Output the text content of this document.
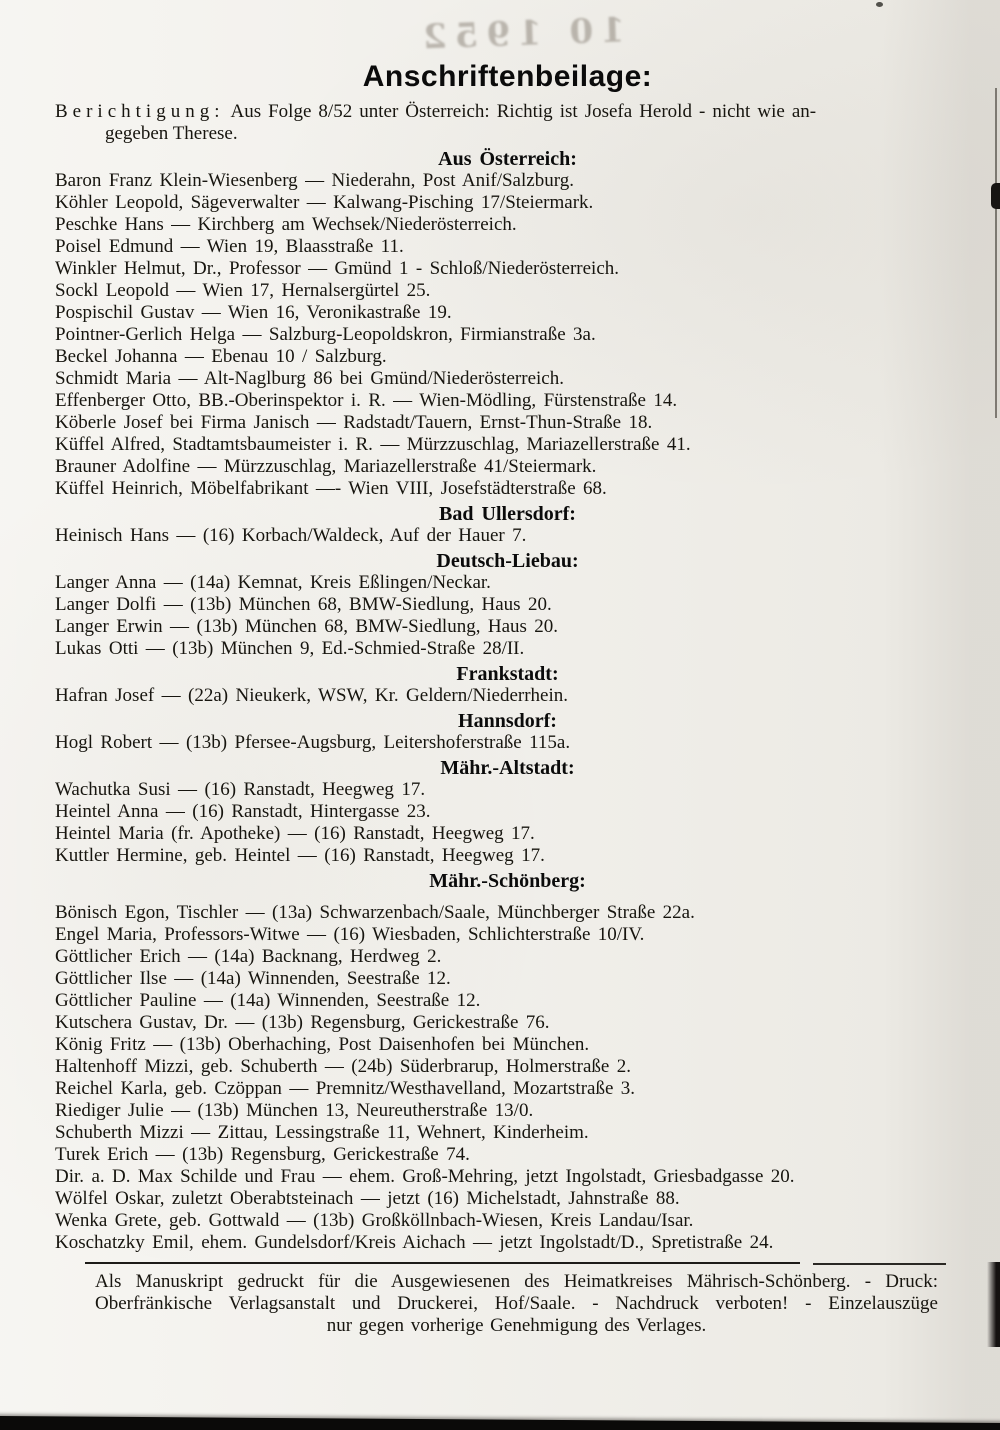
10 1952
Anschriftenbeilage:

Berichtigung: Aus Folge 8/52 unter Österreich: Richtig ist Josefa Herold - nicht wie an-

gegeben Therese.

Aus Österreich:
Baron Franz Klein-Wiesenberg — Niederahn, Post Anif/Salzburg.
Köhler Leopold, Sägeverwalter — Kalwang-Pisching 17/Steiermark.
Peschke Hans — Kirchberg am Wechsek/Niederösterreich.
Poisel Edmund — Wien 19, Blaasstraße 11.
Winkler Helmut, Dr., Professor — Gmünd 1 - Schloß/Niederösterreich.
Sockl Leopold — Wien 17, Hernalsergürtel 25.
Pospischil Gustav — Wien 16, Veronikastraße 19.
Pointner-Gerlich Helga — Salzburg-Leopoldskron, Firmianstraße 3a.
Beckel Johanna — Ebenau 10 / Salzburg.
Schmidt Maria — Alt-Naglburg 86 bei Gmünd/Niederösterreich.
Effenberger Otto, BB.-Oberinspektor i. R. — Wien-Mödling, Fürstenstraße 14.
Köberle Josef bei Firma Janisch — Radstadt/Tauern, Ernst-Thun-Straße 18.
Küffel Alfred, Stadtamtsbaumeister i. R. — Mürzzuschlag, Mariazellerstraße 41.
Brauner Adolfine — Mürzzuschlag, Mariazellerstraße 41/Steiermark.
Küffel Heinrich, Möbelfabrikant —- Wien VIII, Josefstädterstraße 68.
Bad Ullersdorf:
Heinisch Hans — (16) Korbach/Waldeck, Auf der Hauer 7.
Deutsch-Liebau:
Langer Anna — (14a) Kemnat, Kreis Eßlingen/Neckar.
Langer Dolfi — (13b) München 68, BMW-Siedlung, Haus 20.
Langer Erwin — (13b) München 68, BMW-Siedlung, Haus 20.
Lukas Otti — (13b) München 9, Ed.-Schmied-Straße 28/II.
Frankstadt:
Hafran Josef — (22a) Nieukerk, WSW, Kr. Geldern/Niederrhein.
Hannsdorf:
Hogl Robert — (13b) Pfersee-Augsburg, Leitershoferstraße 115a.
Mähr.-Altstadt:
Wachutka Susi — (16) Ranstadt, Heegweg 17.
Heintel Anna — (16) Ranstadt, Hintergasse 23.
Heintel Maria (fr. Apotheke) — (16) Ranstadt, Heegweg 17.
Kuttler Hermine, geb. Heintel — (16) Ranstadt, Heegweg 17.
Mähr.-Schönberg:
Bönisch Egon, Tischler — (13a) Schwarzenbach/Saale, Münchberger Straße 22a.
Engel Maria, Professors-Witwe — (16) Wiesbaden, Schlichterstraße 10/IV.
Göttlicher Erich — (14a) Backnang, Herdweg 2.
Göttlicher Ilse — (14a) Winnenden, Seestraße 12.
Göttlicher Pauline — (14a) Winnenden, Seestraße 12.
Kutschera Gustav, Dr. — (13b) Regensburg, Gerickestraße 76.
König Fritz — (13b) Oberhaching, Post Daisenhofen bei München.
Haltenhoff Mizzi, geb. Schuberth — (24b) Süderbrarup, Holmerstraße 2.
Reichel Karla, geb. Czöppan — Premnitz/Westhavelland, Mozartstraße 3.
Riediger Julie — (13b) München 13, Neureutherstraße 13/0.
Schuberth Mizzi — Zittau, Lessingstraße 11, Wehnert, Kinderheim.
Turek Erich — (13b) Regensburg, Gerickestraße 74.
Dir. a. D. Max Schilde und Frau — ehem. Groß-Mehring, jetzt Ingolstadt, Griesbadgasse 20.
Wölfel Oskar, zuletzt Oberabtsteinach — jetzt (16) Michelstadt, Jahnstraße 88.
Wenka Grete, geb. Gottwald — (13b) Großköllnbach-Wiesen, Kreis Landau/Isar.
Koschatzky Emil, ehem. Gundelsdorf/Kreis Aichach — jetzt Ingolstadt/D., Spretistraße 24.
Als Manuskript gedruckt für die Ausgewiesenen des Heimatkreises Mährisch-Schönberg. - Druck:
Oberfränkische Verlagsanstalt und Druckerei, Hof/Saale. - Nachdruck verboten! - Einzelauszüge
nur gegen vorherige Genehmigung des Verlages.
